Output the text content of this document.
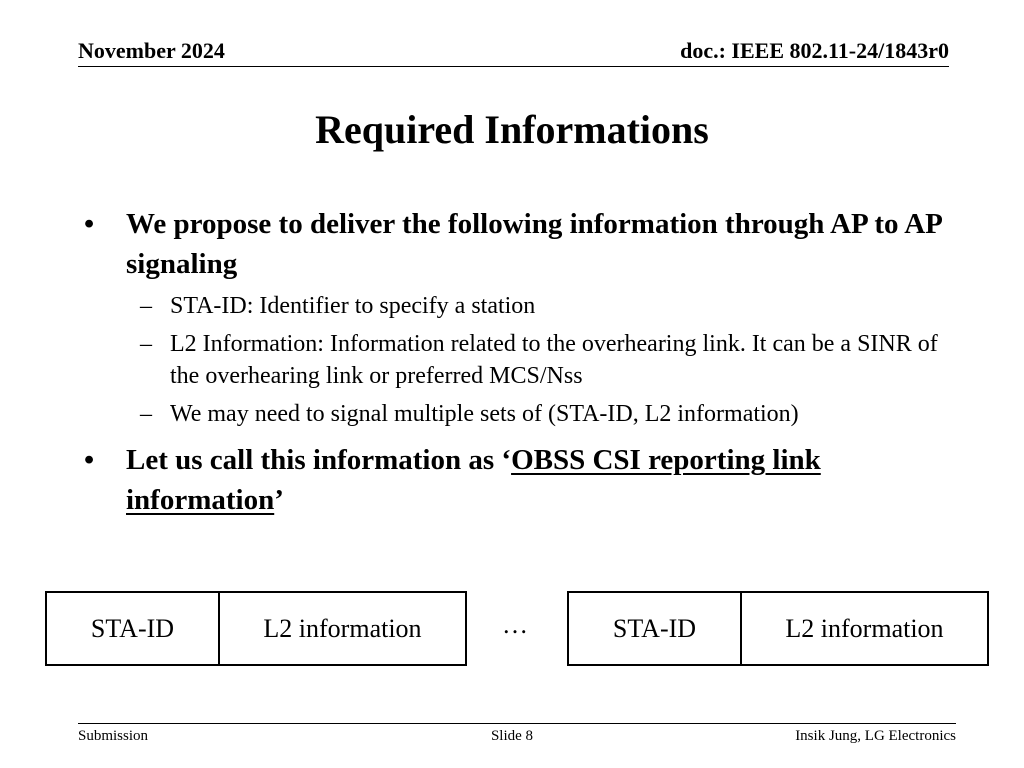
November 2024	doc.: IEEE 802.11-24/1843r0
Required Informations
• We propose to deliver the following information through AP to AP signaling
– STA-ID: Identifier to specify a station
– L2 Information: Information related to the overhearing link. It can be a SINR of the overhearing link or preferred MCS/Nss
– We may need to signal multiple sets of (STA-ID, L2 information)
• Let us call this information as ‘OBSS CSI reporting link
information’
STA-ID	L2 information	…	STA-ID	L2 information
Submission	Slide 8	Insik Jung, LG Electronics
